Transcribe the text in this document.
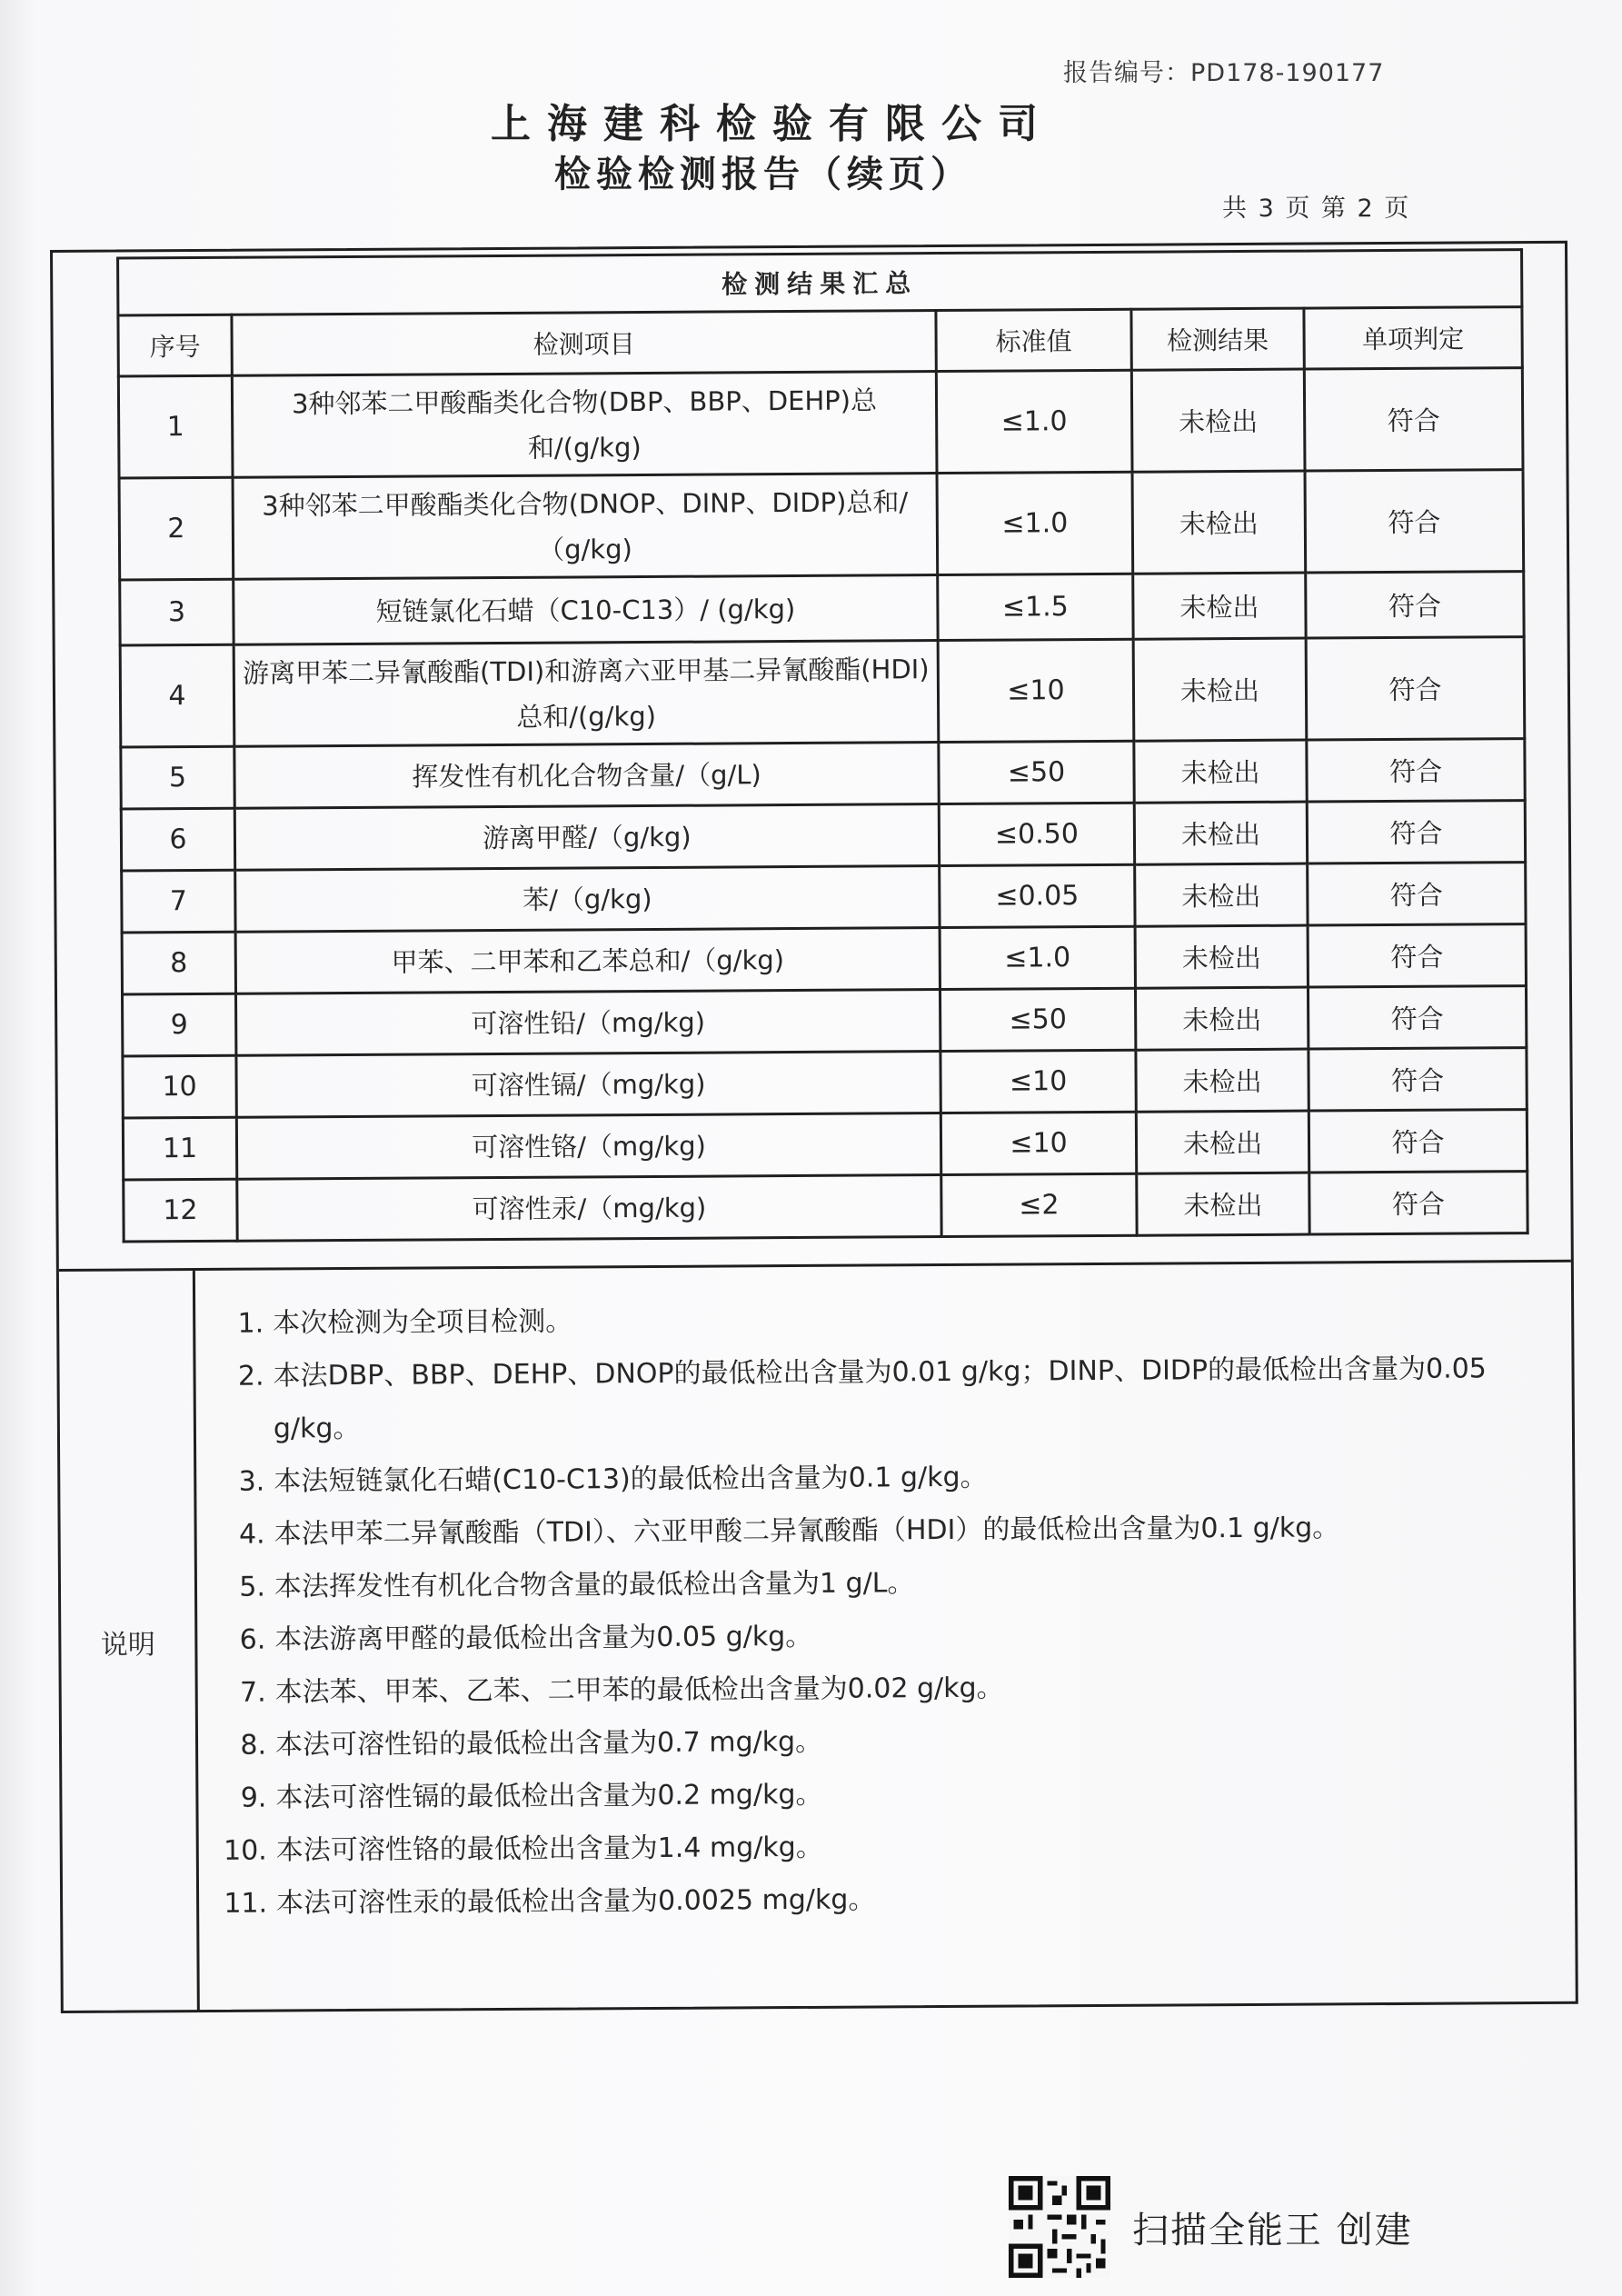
报告编号：PD178-190177
上海建科检验有限公司
检验检测报告（续页）
共 3 页 第 2 页
检测结果汇总				
序号	检测项目	标准值	检测结果	单项判定
1	3种邻苯二甲酸酯类化合物(DBP、BBP、DEHP)总和/(g/kg)	≤1.0	未检出	符合
2	3种邻苯二甲酸酯类化合物(DNOP、DINP、DIDP)总和/（g/kg)	≤1.0	未检出	符合
3	短链氯化石蜡（C10-C13）/ (g/kg)	≤1.5	未检出	符合
4	游离甲苯二异氰酸酯(TDI)和游离六亚甲基二异氰酸酯(HDI)总和/(g/kg)	≤10	未检出	符合
5	挥发性有机化合物含量/（g/L)	≤50	未检出	符合
6	游离甲醛/（g/kg)	≤0.50	未检出	符合
7	苯/（g/kg)	≤0.05	未检出	符合
8	甲苯、二甲苯和乙苯总和/（g/kg)	≤1.0	未检出	符合
9	可溶性铅/（mg/kg)	≤50	未检出	符合
10	可溶性镉/（mg/kg)	≤10	未检出	符合
11	可溶性铬/（mg/kg)	≤10	未检出	符合
12	可溶性汞/（mg/kg)	≤2	未检出	符合
说明
1. 本次检测为全项目检测。
2. 本法DBP、BBP、DEHP、DNOP的最低检出含量为0.01 g/kg；DINP、DIDP的最低检出含量为0.05 g/kg。
3. 本法短链氯化石蜡(C10-C13)的最低检出含量为0.1 g/kg。
4. 本法甲苯二异氰酸酯（TDI）、六亚甲酸二异氰酸酯（HDI）的最低检出含量为0.1 g/kg。
5. 本法挥发性有机化合物含量的最低检出含量为1 g/L。
6. 本法游离甲醛的最低检出含量为0.05 g/kg。
7. 本法苯、甲苯、乙苯、二甲苯的最低检出含量为0.02 g/kg。
8. 本法可溶性铅的最低检出含量为0.7 mg/kg。
9. 本法可溶性镉的最低检出含量为0.2 mg/kg。
10. 本法可溶性铬的最低检出含量为1.4 mg/kg。
11. 本法可溶性汞的最低检出含量为0.0025 mg/kg。
扫描全能王 创建
